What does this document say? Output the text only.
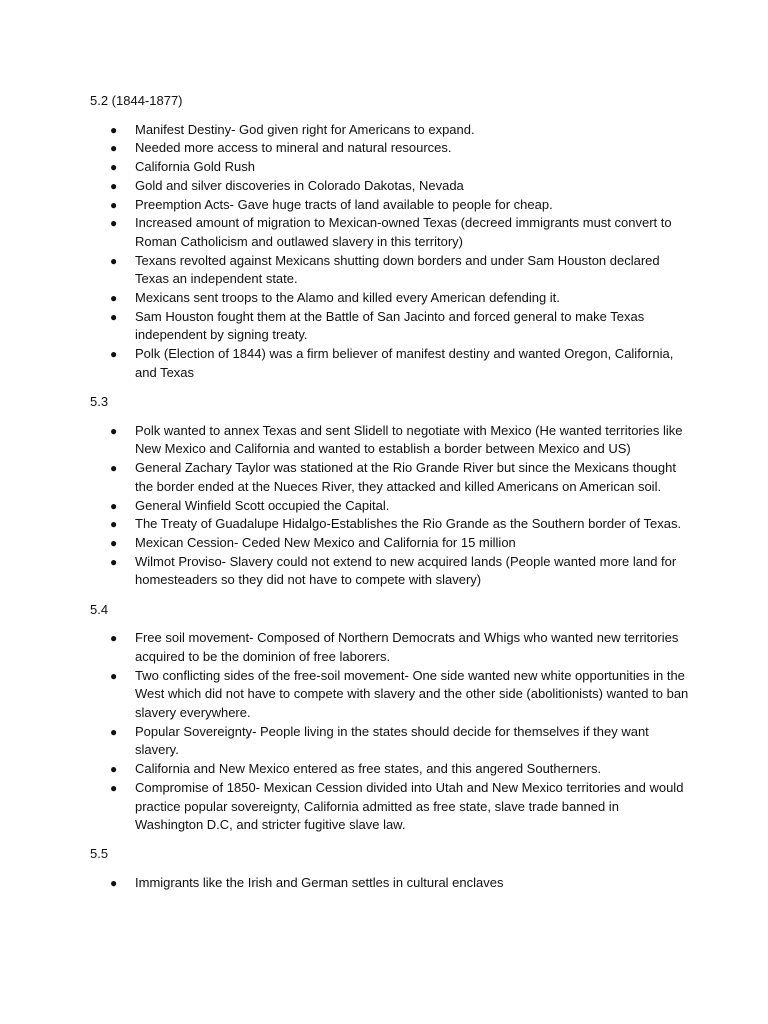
5.2 (1844-1877)

● Manifest Destiny- God given right for Americans to expand.
● Needed more access to mineral and natural resources.
● California Gold Rush
● Gold and silver discoveries in Colorado Dakotas, Nevada
● Preemption Acts- Gave huge tracts of land available to people for cheap.
● Increased amount of migration to Mexican-owned Texas (decreed immigrants must convert to Roman Catholicism and outlawed slavery in this territory)
● Texans revolted against Mexicans shutting down borders and under Sam Houston declared Texas an independent state.
● Mexicans sent troops to the Alamo and killed every American defending it.
● Sam Houston fought them at the Battle of San Jacinto and forced general to make Texas independent by signing treaty.
● Polk (Election of 1844) was a firm believer of manifest destiny and wanted Oregon, California, and Texas

5.3

● Polk wanted to annex Texas and sent Slidell to negotiate with Mexico (He wanted territories like New Mexico and California and wanted to establish a border between Mexico and US)
● General Zachary Taylor was stationed at the Rio Grande River but since the Mexicans thought the border ended at the Nueces River, they attacked and killed Americans on American soil.
● General Winfield Scott occupied the Capital.
● The Treaty of Guadalupe Hidalgo-Establishes the Rio Grande as the Southern border of Texas.
● Mexican Cession- Ceded New Mexico and California for 15 million
● Wilmot Proviso- Slavery could not extend to new acquired lands (People wanted more land for homesteaders so they did not have to compete with slavery)

5.4

● Free soil movement- Composed of Northern Democrats and Whigs who wanted new territories acquired to be the dominion of free laborers.
● Two conflicting sides of the free-soil movement- One side wanted new white opportunities in the West which did not have to compete with slavery and the other side (abolitionists) wanted to ban slavery everywhere.
● Popular Sovereignty- People living in the states should decide for themselves if they want slavery.
● California and New Mexico entered as free states, and this angered Southerners.
● Compromise of 1850- Mexican Cession divided into Utah and New Mexico territories and would practice popular sovereignty, California admitted as free state, slave trade banned in Washington D.C, and stricter fugitive slave law.

5.5

● Immigrants like the Irish and German settles in cultural enclaves
